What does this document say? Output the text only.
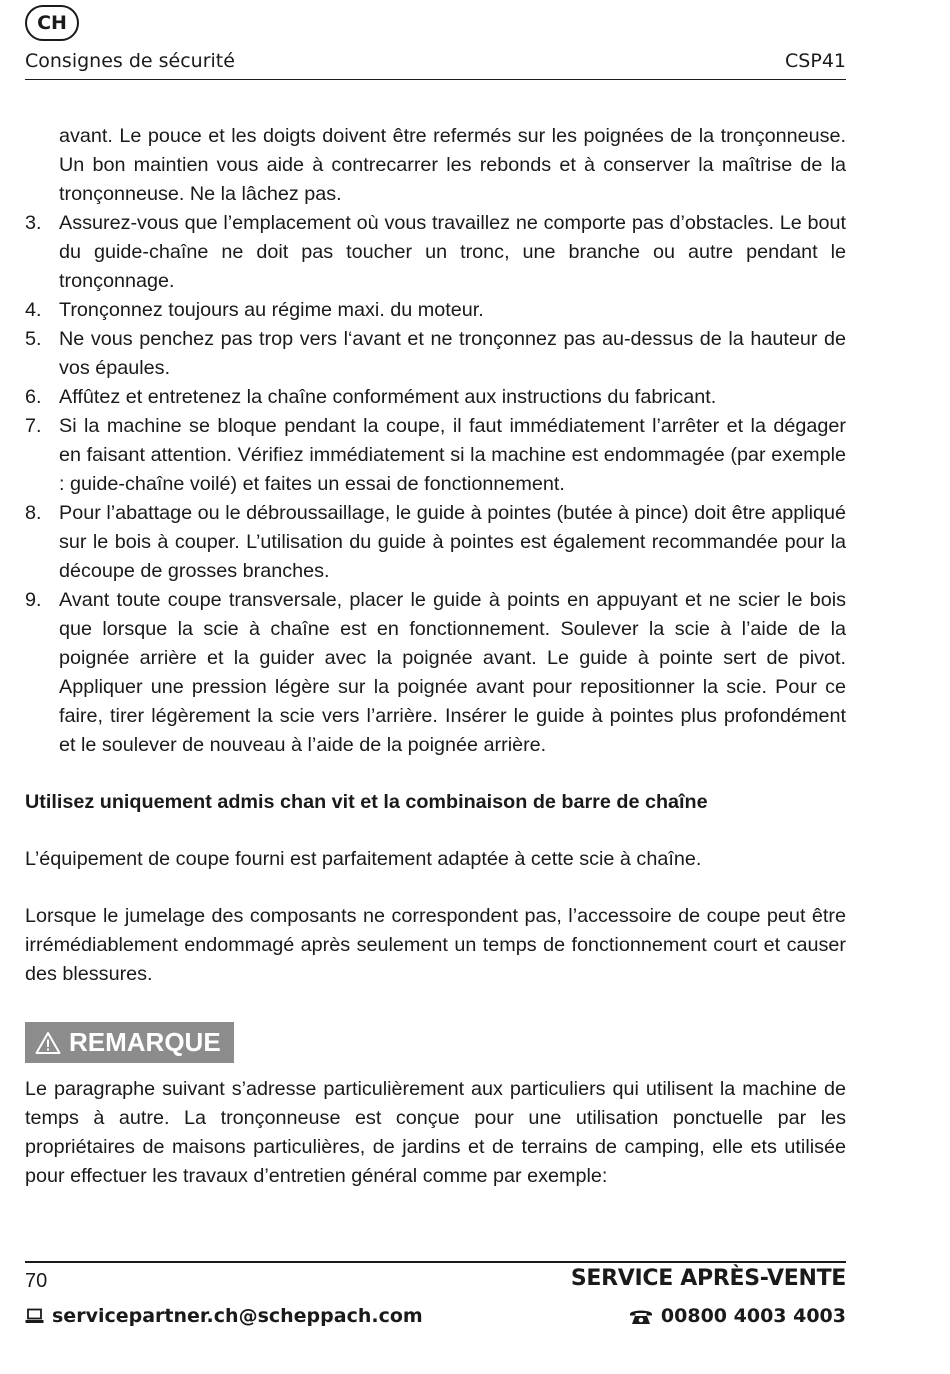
CH
Consignes de sécurité	CSP41

avant. Le pouce et les doigts doivent être refermés sur les poignées de la tronçonneuse. Un bon maintien vous aide à contrecarrer les rebonds et à conserver la maîtrise de la tronçonneuse. Ne la lâchez pas.

3. Assurez-vous que l’emplacement où vous travaillez ne comporte pas d’obstacles. Le bout du guide-chaîne ne doit pas toucher un tronc, une branche ou autre pendant le tronçonnage.
4. Tronçonnez toujours au régime maxi. du moteur.
5. Ne vous penchez pas trop vers l‘avant et ne tronçonnez pas au-dessus de la hauteur de vos épaules.
6. Affûtez et entretenez la chaîne conformément aux instructions du fabricant.
7. Si la machine se bloque pendant la coupe, il faut immédiatement l’arrêter et la dégager en faisant attention. Vérifiez immédiatement si la machine est endommagée (par exemple : guide-chaîne voilé) et faites un essai de fonctionnement.
8. Pour l’abattage ou le débroussaillage, le guide à pointes (butée à pince) doit être appliqué sur le bois à couper. L’utilisation du guide à pointes est également recommandée pour la découpe de grosses branches.
9. Avant toute coupe transversale, placer le guide à points en appuyant et ne scier le bois que lorsque la scie à chaîne est en fonctionnement. Soulever la scie à l’aide de la poignée arrière et la guider avec la poignée avant. Le guide à pointe sert de pivot. Appliquer une pression légère sur la poignée avant pour repositionner la scie. Pour ce faire, tirer légèrement la scie vers l’arrière. Insérer le guide à pointes plus profondément et le soulever de nouveau à l’aide de la poignée arrière.

Utilisez uniquement admis chan vit et la combinaison de barre de chaîne

L’équipement de coupe fourni est parfaitement adaptée à cette scie à chaîne.

Lorsque le jumelage des composants ne correspondent pas, l’accessoire de coupe peut être irrémédiablement endommagé après seulement un temps de fonctionnement court et causer des blessures.

REMARQUE

Le paragraphe suivant s’adresse particulièrement aux particuliers qui utilisent la machine de temps à autre. La tronçonneuse est conçue pour une utilisation ponctuelle par les propriétaires de maisons particulières, de jardins et de terrains de camping, elle ets utilisée pour effectuer les travaux d’entretien général comme par exemple:

70	SERVICE APRÈS-VENTE
servicepartner.ch@scheppach.com	00800 4003 4003
